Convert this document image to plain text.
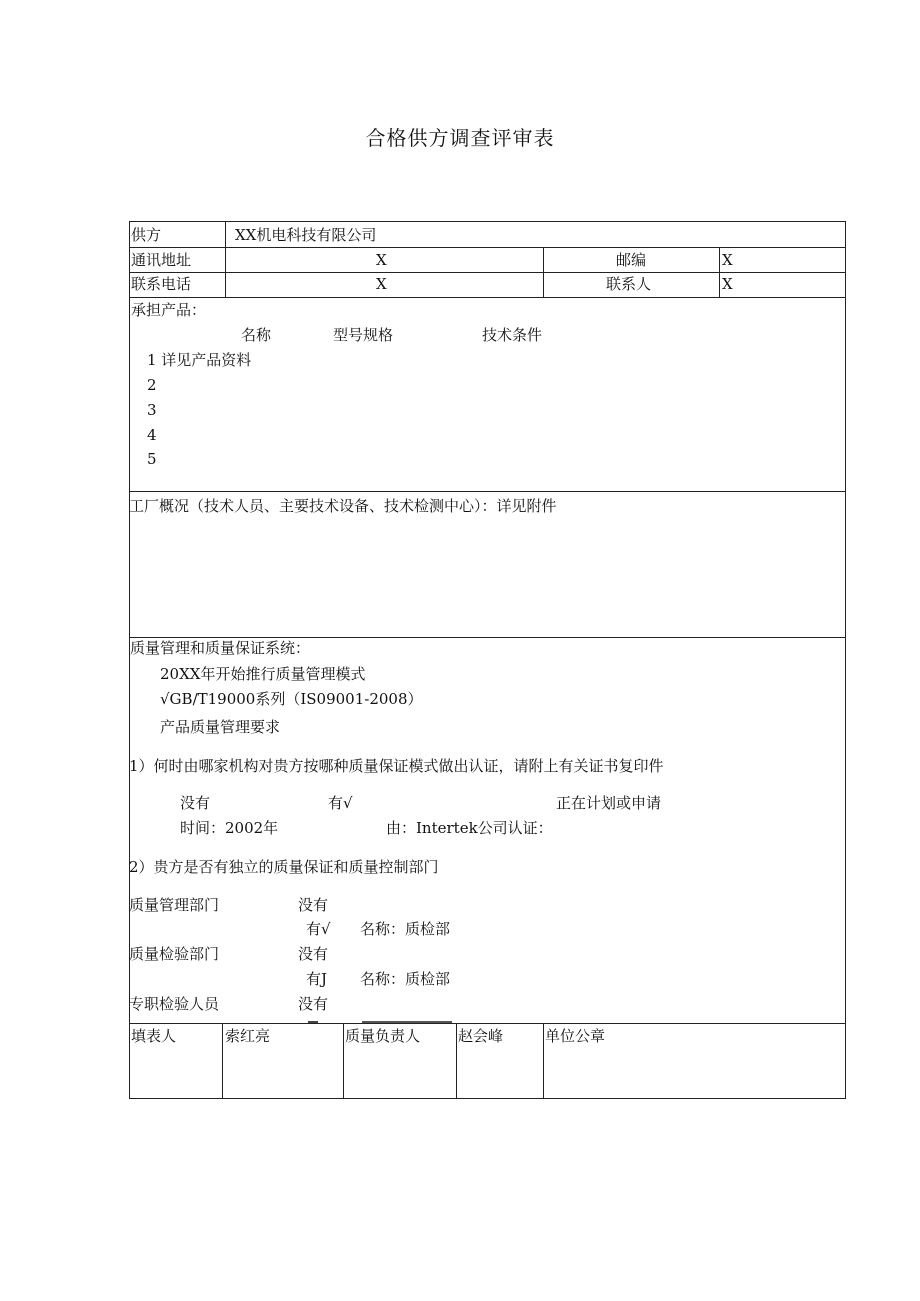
合格供方调查评审表
供方	XX机电科技有限公司
通讯地址	X	邮编	X
联系电话	X	联系人	X
承担产品：
名称	型号规格	技术条件
1 详见产品资料
2
3
4
5
工厂概况（技术人员、主要技术设备、技术检测中心）：详见附件
质量管理和质量保证系统：
20XX年开始推行质量管理模式
√GB/T19000系列（IS09001-2008）
产品质量管理要求
1）何时由哪家机构对贵方按哪种质量保证模式做出认证，请附上有关证书复印件
没有	有√	正在计划或申请
时间：2002年	由：Intertek公司认证：
2）贵方是否有独立的质量保证和质量控制部门
质量管理部门	没有
有√ 名称：质检部
质量检验部门	没有
有J 名称：质检部
专职检验人员	没有
填表人	索红亮	质量负责人	赵会峰	单位公章
